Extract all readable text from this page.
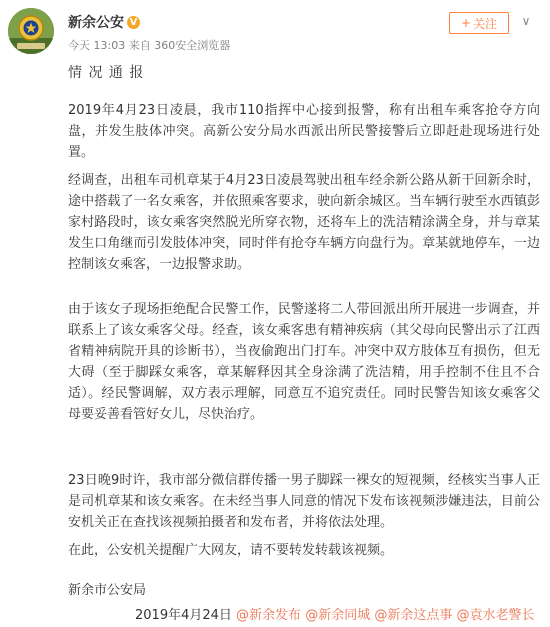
新余公安 V
今天 13:03 来自 360安全浏览器
+ 关注	∨
情 况 通 报

2019年4月23日凌晨，我市110指挥中心接到报警，称有出租车乘客抢夺方向盘，并发生肢体冲突。高新公安分局水西派出所民警接警后立即赶赴现场进行处置。

经调查，出租车司机章某于4月23日凌晨驾驶出租车经余新公路从新干回新余时，途中搭载了一名女乘客，并依照乘客要求，驶向新余城区。当车辆行驶至水西镇彭家村路段时，该女乘客突然脱光所穿衣物，还将车上的洗洁精涂满全身，并与章某发生口角继而引发肢体冲突，同时伴有抢夺车辆方向盘行为。章某就地停车，一边控制该女乘客，一边报警求助。

由于该女子现场拒绝配合民警工作，民警遂将二人带回派出所开展进一步调查，并联系上了该女乘客父母。经查，该女乘客患有精神疾病（其父母向民警出示了江西省精神病院开具的诊断书），当夜偷跑出门打车。冲突中双方肢体互有损伤，但无大碍（至于脚踩女乘客，章某解释因其全身涂满了洗洁精，用手控制不住且不合适）。经民警调解，双方表示理解，同意互不追究责任。同时民警告知该女乘客父母要妥善看管好女儿，尽快治疗。

23日晚9时许，我市部分微信群传播一男子脚踩一裸女的短视频，经核实当事人正是司机章某和该女乘客。在未经当事人同意的情况下发布该视频涉嫌违法，目前公安机关正在查找该视频拍摄者和发布者，并将依法处理。

在此，公安机关提醒广大网友，请不要转发转载该视频。

新余市公安局
2019年4月24日 @新余发布 @新余同城 @新余这点事 @袁水老警长
